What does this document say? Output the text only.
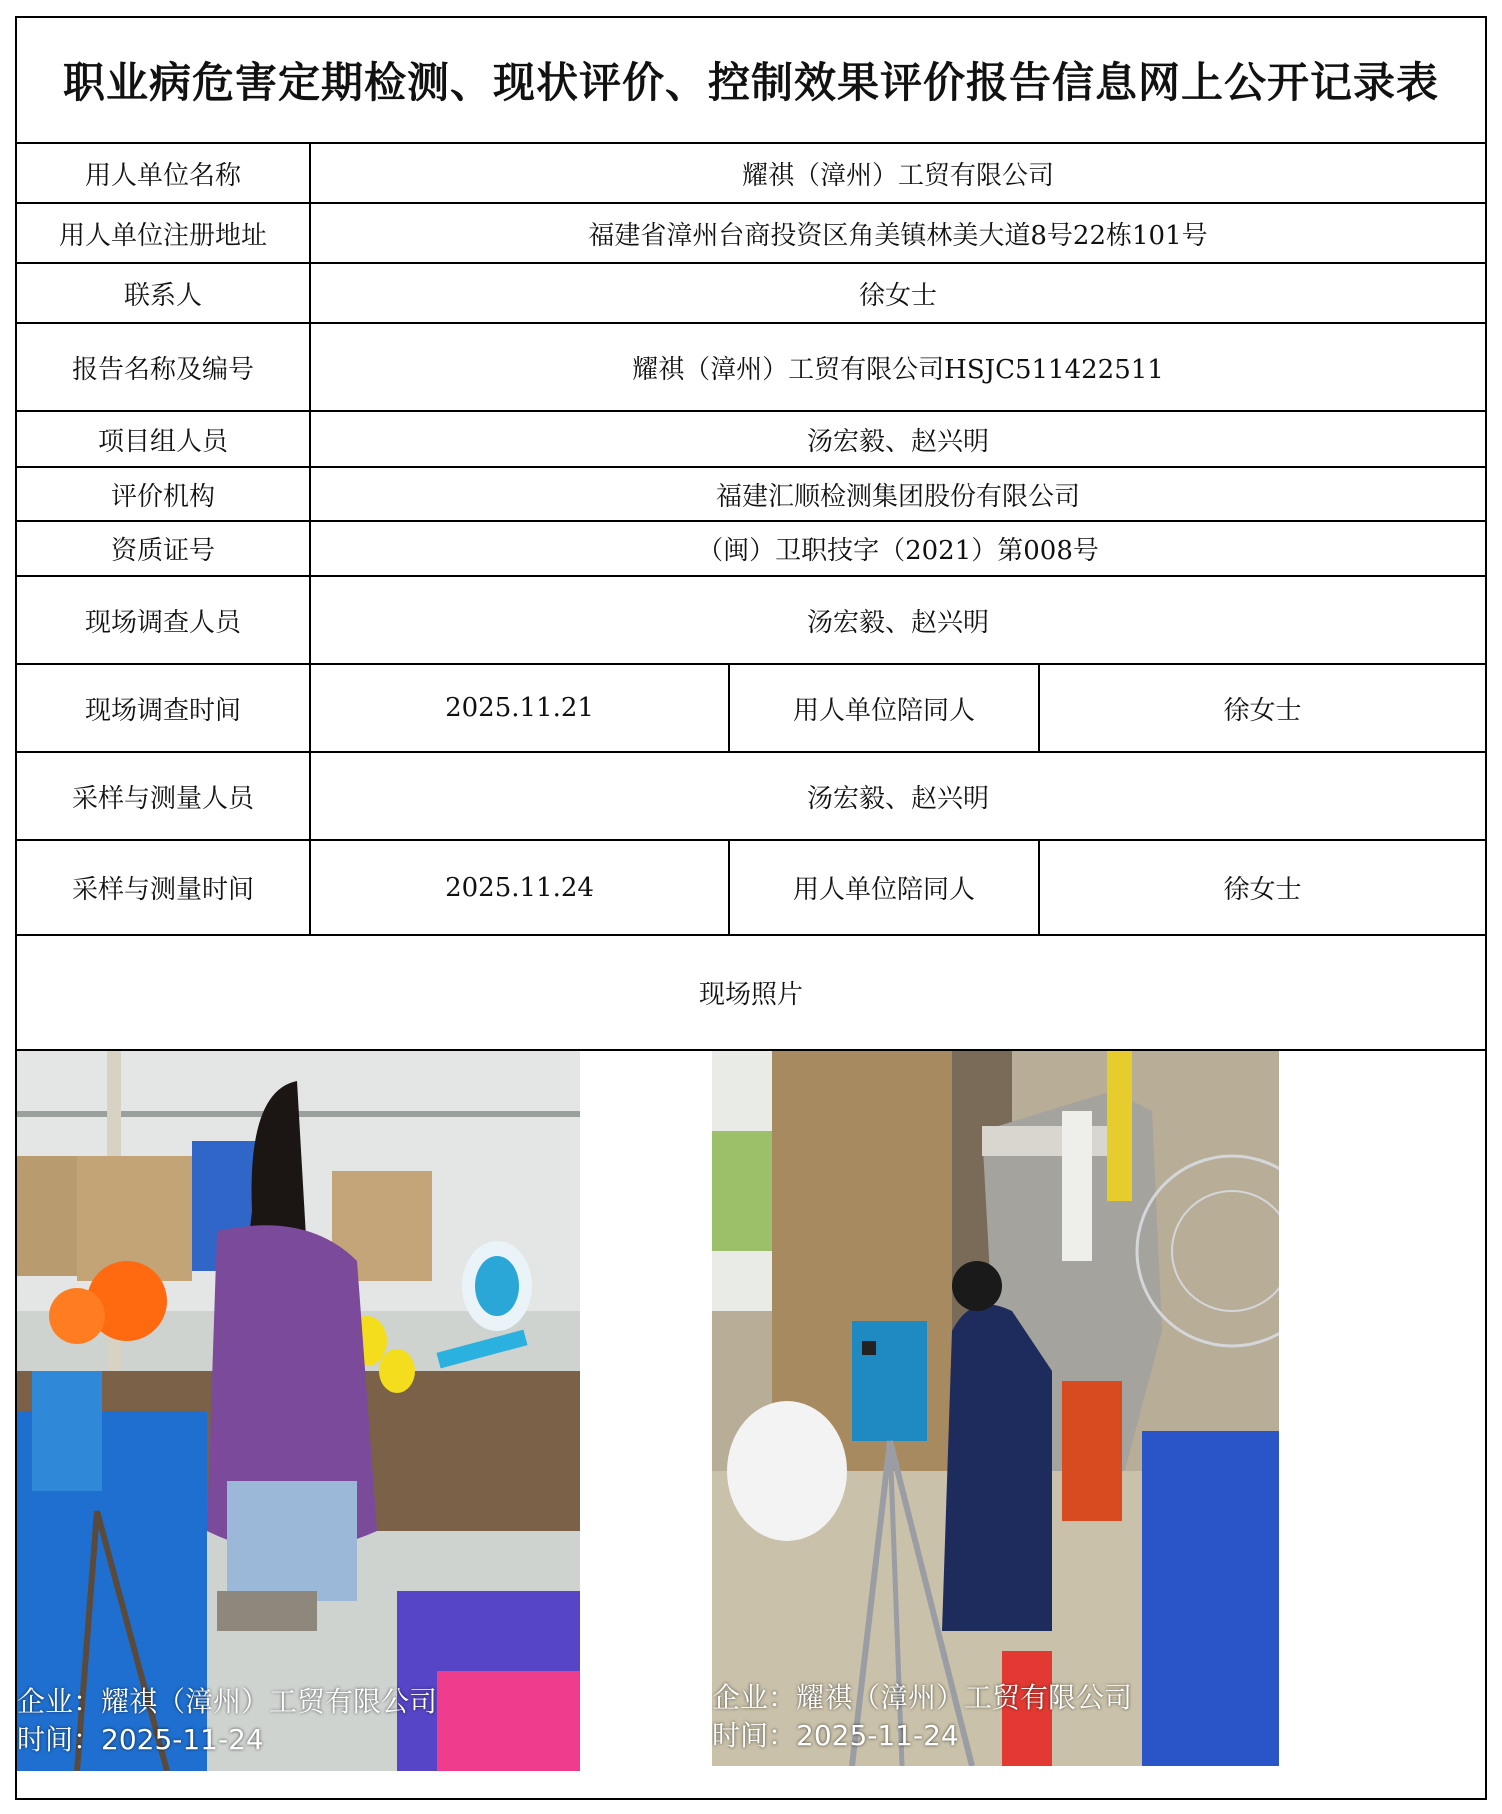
职业病危害定期检测、现状评价、控制效果评价报告信息网上公开记录表
用人单位名称	耀祺（漳州）工贸有限公司
用人单位注册地址	福建省漳州台商投资区角美镇林美大道8号22栋101号
联系人	徐女士
报告名称及编号	耀祺（漳州）工贸有限公司HSJC511422511
项目组人员	汤宏毅、赵兴明
评价机构	福建汇顺检测集团股份有限公司
资质证号	（闽）卫职技字（2021）第008号
现场调查人员	汤宏毅、赵兴明
现场调查时间	2025.11.21	用人单位陪同人	徐女士
采样与测量人员	汤宏毅、赵兴明
采样与测量时间	2025.11.24	用人单位陪同人	徐女士
现场照片
企业：耀祺（漳州）工贸有限公司
时间：2025-11-24
企业：耀祺（漳州）工贸有限公司
时间：2025-11-24
